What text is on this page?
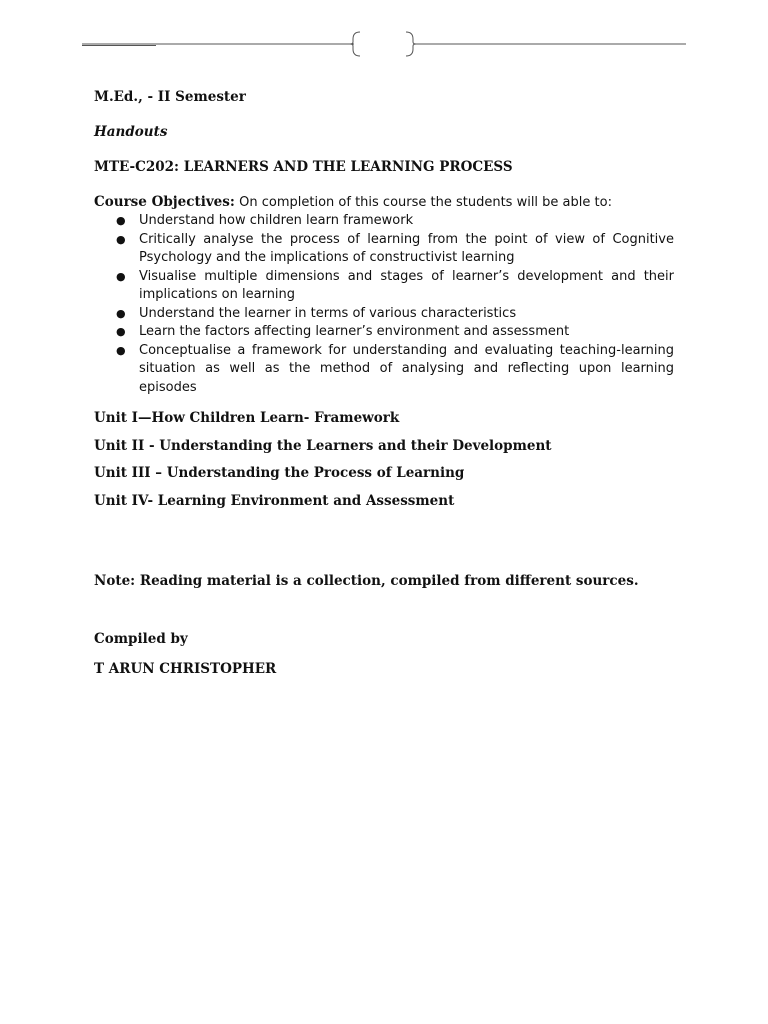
M.Ed., - II Semester

Handouts

MTE-C202: LEARNERS AND THE LEARNING PROCESS

Course Objectives: On completion of this course the students will be able to:
● Understand how children learn framework
● Critically analyse the process of learning from the point of view of Cognitive Psychology and the implications of constructivist learning
● Visualise multiple dimensions and stages of learner’s development and their implications on learning
● Understand the learner in terms of various characteristics
● Learn the factors affecting learner’s environment and assessment
● Conceptualise a framework for understanding and evaluating teaching-learning situation as well as the method of analysing and reflecting upon learning episodes

Unit I—How Children Learn- Framework

Unit II - Understanding the Learners and their Development

Unit III – Understanding the Process of Learning

Unit IV- Learning Environment and Assessment

Note: Reading material is a collection, compiled from different sources.

Compiled by

T ARUN CHRISTOPHER
